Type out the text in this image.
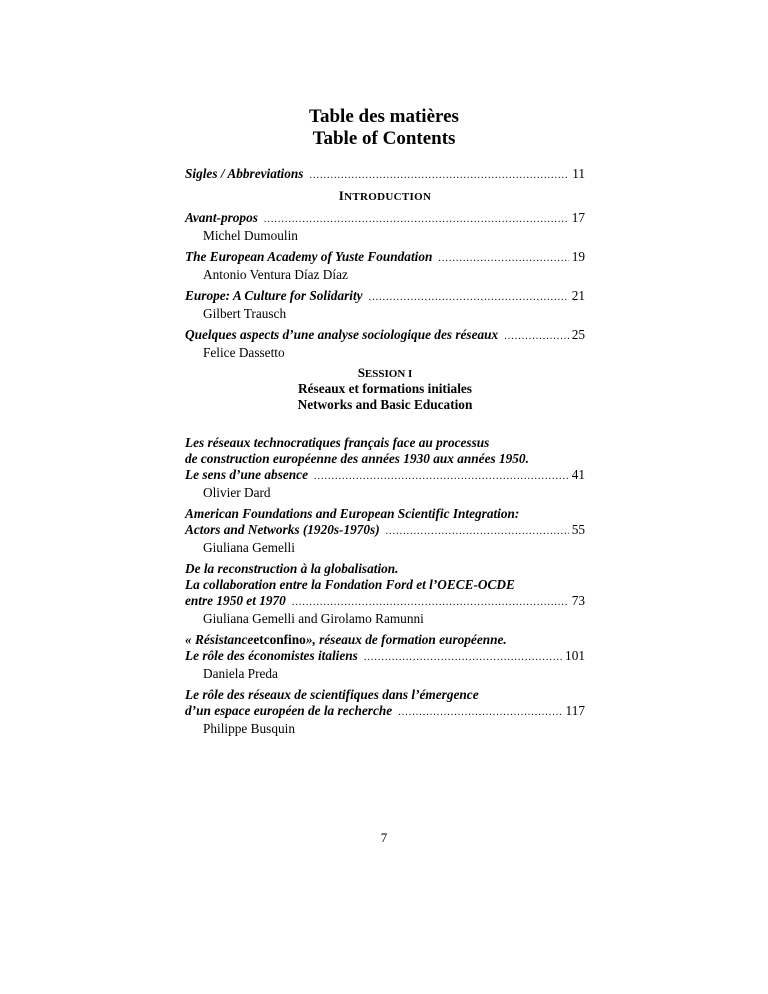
Table des matières
Table of Contents
Sigles / Abbreviations .....	11
INTRODUCTION
Avant-propos .....	17
Michel Dumoulin
The European Academy of Yuste Foundation .....	19
Antonio Ventura Díaz Díaz
Europe: A Culture for Solidarity .....	21
Gilbert Trausch
Quelques aspects d’une analyse sociologique des réseaux .....	25
Felice Dassetto
SESSION I
Réseaux et formations initiales
Networks and Basic Education
Les réseaux technocratiques français face au processus
de construction européenne des années 1930 aux années 1950.
Le sens d’une absence .....	41
Olivier Dard
American Foundations and European Scientific Integration:
Actors and Networks (1920s-1970s) .....	55
Giuliana Gemelli
De la reconstruction à la globalisation.
La collaboration entre la Fondation Ford et l’OECE-OCDE
entre 1950 et 1970 .....	73
Giuliana Gemelli and Girolamo Ramunni
« Résistance et confino », réseaux de formation européenne.
Le rôle des économistes italiens .....	101
Daniela Preda
Le rôle des réseaux de scientifiques dans l’émergence
d’un espace européen de la recherche .....	117
Philippe Busquin
7
